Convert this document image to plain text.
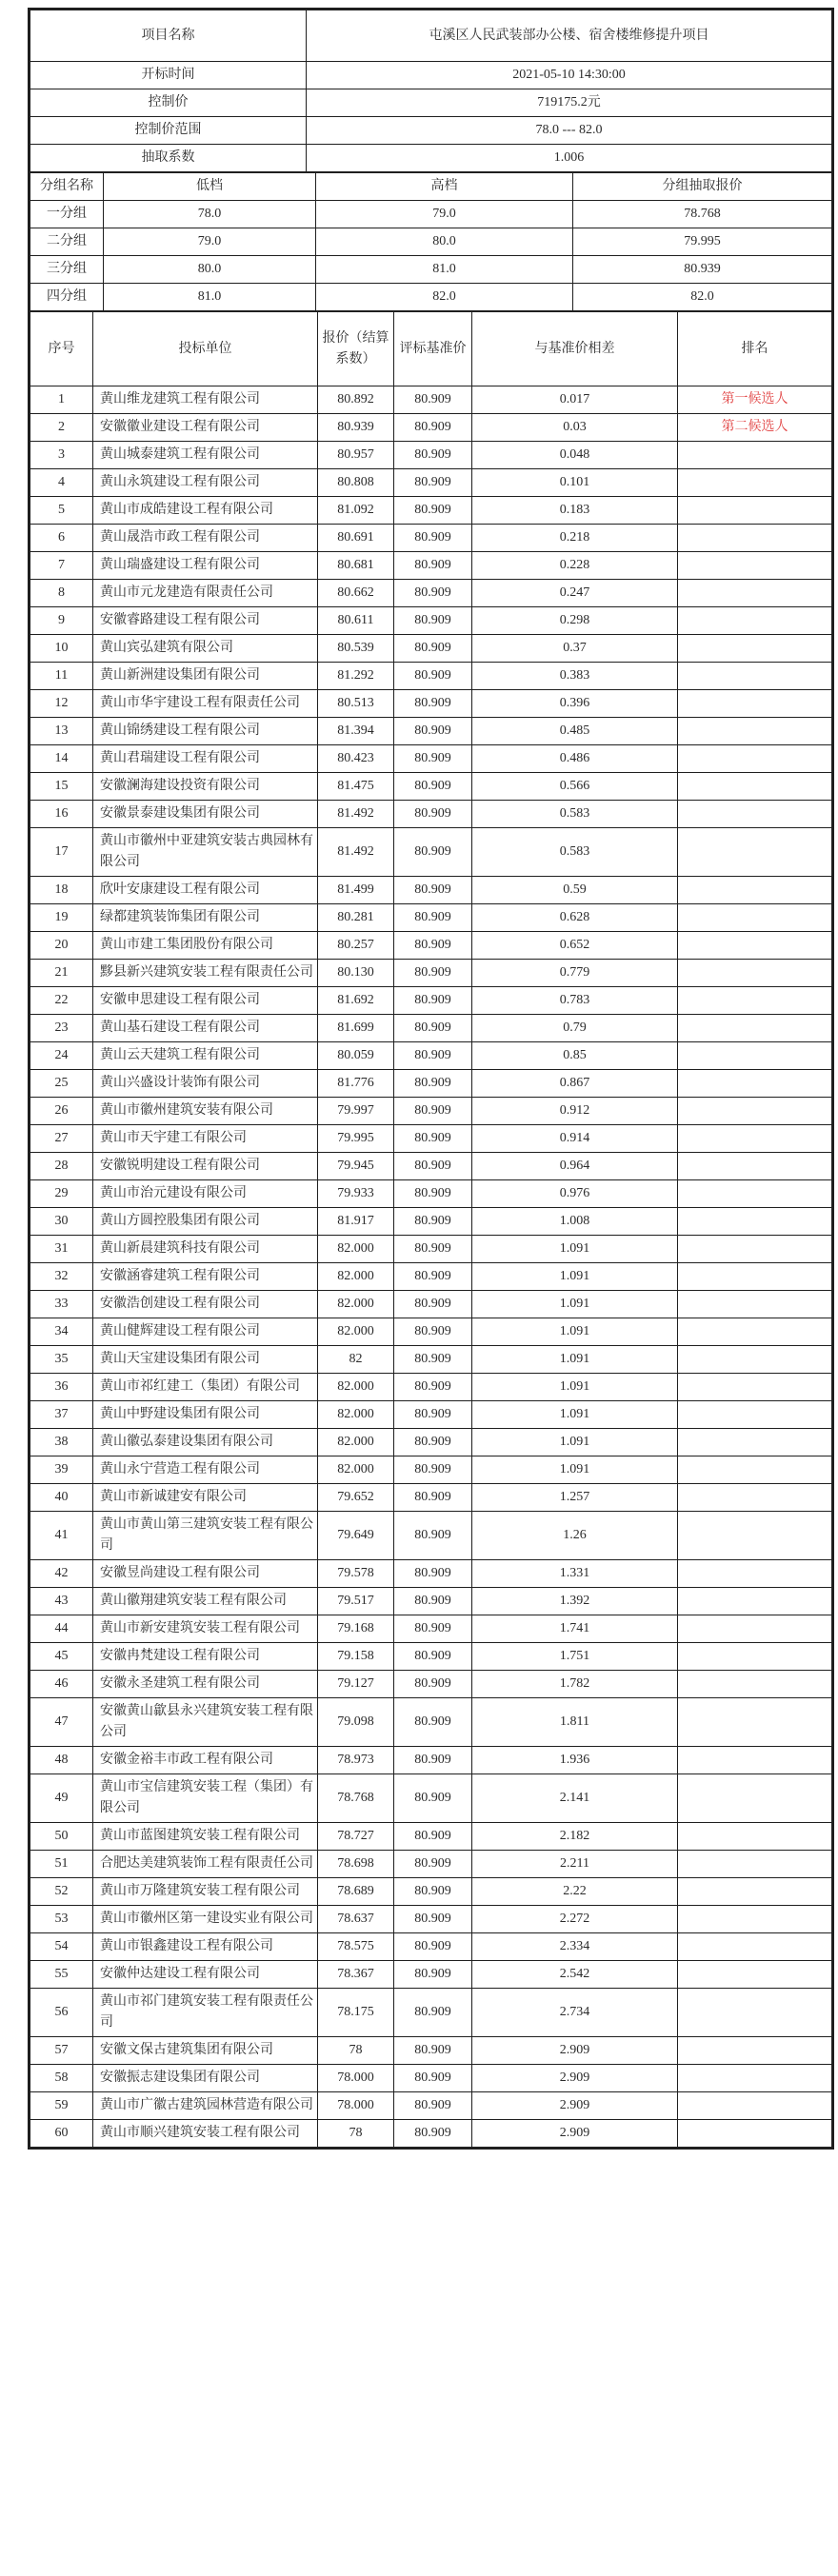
项目名称	屯溪区人民武装部办公楼、宿舍楼维修提升项目
开标时间	2021-05-10 14:30:00
控制价	719175.2元
控制价范围	78.0 --- 82.0
抽取系数	1.006
分组名称	低档	高档	分组抽取报价
一分组	78.0	79.0	78.768
二分组	79.0	80.0	79.995
三分组	80.0	81.0	80.939
四分组	81.0	82.0	82.0
序号	投标单位	报价（结算系数）	评标基准价	与基准价相差	排名
1	黄山维龙建筑工程有限公司	80.892	80.909	0.017	第一候选人
2	安徽徽业建设工程有限公司	80.939	80.909	0.03	第二候选人
3	黄山城泰建筑工程有限公司	80.957	80.909	0.048	
4	黄山永筑建设工程有限公司	80.808	80.909	0.101	
5	黄山市成皓建设工程有限公司	81.092	80.909	0.183	
6	黄山晟浩市政工程有限公司	80.691	80.909	0.218	
7	黄山瑞盛建设工程有限公司	80.681	80.909	0.228	
8	黄山市元龙建造有限责任公司	80.662	80.909	0.247	
9	安徽睿路建设工程有限公司	80.611	80.909	0.298	
10	黄山宾弘建筑有限公司	80.539	80.909	0.37	
11	黄山新洲建设集团有限公司	81.292	80.909	0.383	
12	黄山市华宇建设工程有限责任公司	80.513	80.909	0.396	
13	黄山锦绣建设工程有限公司	81.394	80.909	0.485	
14	黄山君瑞建设工程有限公司	80.423	80.909	0.486	
15	安徽澜海建设投资有限公司	81.475	80.909	0.566	
16	安徽景泰建设集团有限公司	81.492	80.909	0.583	
17	黄山市徽州中亚建筑安装古典园林有限公司	81.492	80.909	0.583	
18	欣叶安康建设工程有限公司	81.499	80.909	0.59	
19	绿都建筑装饰集团有限公司	80.281	80.909	0.628	
20	黄山市建工集团股份有限公司	80.257	80.909	0.652	
21	黟县新兴建筑安装工程有限责任公司	80.130	80.909	0.779	
22	安徽申思建设工程有限公司	81.692	80.909	0.783	
23	黄山基石建设工程有限公司	81.699	80.909	0.79	
24	黄山云天建筑工程有限公司	80.059	80.909	0.85	
25	黄山兴盛设计装饰有限公司	81.776	80.909	0.867	
26	黄山市徽州建筑安装有限公司	79.997	80.909	0.912	
27	黄山市天宇建工有限公司	79.995	80.909	0.914	
28	安徽锐明建设工程有限公司	79.945	80.909	0.964	
29	黄山市治元建设有限公司	79.933	80.909	0.976	
30	黄山方圆控股集团有限公司	81.917	80.909	1.008	
31	黄山新晨建筑科技有限公司	82.000	80.909	1.091	
32	安徽涵睿建筑工程有限公司	82.000	80.909	1.091	
33	安徽浩创建设工程有限公司	82.000	80.909	1.091	
34	黄山健辉建设工程有限公司	82.000	80.909	1.091	
35	黄山天宝建设集团有限公司	82	80.909	1.091	
36	黄山市祁红建工（集团）有限公司	82.000	80.909	1.091	
37	黄山中野建设集团有限公司	82.000	80.909	1.091	
38	黄山徽弘泰建设集团有限公司	82.000	80.909	1.091	
39	黄山永宁营造工程有限公司	82.000	80.909	1.091	
40	黄山市新诚建安有限公司	79.652	80.909	1.257	
41	黄山市黄山第三建筑安装工程有限公司	79.649	80.909	1.26	
42	安徽昱尚建设工程有限公司	79.578	80.909	1.331	
43	黄山徽翔建筑安装工程有限公司	79.517	80.909	1.392	
44	黄山市新安建筑安装工程有限公司	79.168	80.909	1.741	
45	安徽冉梵建设工程有限公司	79.158	80.909	1.751	
46	安徽永圣建筑工程有限公司	79.127	80.909	1.782	
47	安徽黄山歙县永兴建筑安装工程有限公司	79.098	80.909	1.811	
48	安徽金裕丰市政工程有限公司	78.973	80.909	1.936	
49	黄山市宝信建筑安装工程（集团）有限公司	78.768	80.909	2.141	
50	黄山市蓝图建筑安装工程有限公司	78.727	80.909	2.182	
51	合肥达美建筑装饰工程有限责任公司	78.698	80.909	2.211	
52	黄山市万隆建筑安装工程有限公司	78.689	80.909	2.22	
53	黄山市徽州区第一建设实业有限公司	78.637	80.909	2.272	
54	黄山市银鑫建设工程有限公司	78.575	80.909	2.334	
55	安徽仲达建设工程有限公司	78.367	80.909	2.542	
56	黄山市祁门建筑安装工程有限责任公司	78.175	80.909	2.734	
57	安徽文保古建筑集团有限公司	78	80.909	2.909	
58	安徽振志建设集团有限公司	78.000	80.909	2.909	
59	黄山市广徽古建筑园林营造有限公司	78.000	80.909	2.909	
60	黄山市顺兴建筑安装工程有限公司	78	80.909	2.909	
